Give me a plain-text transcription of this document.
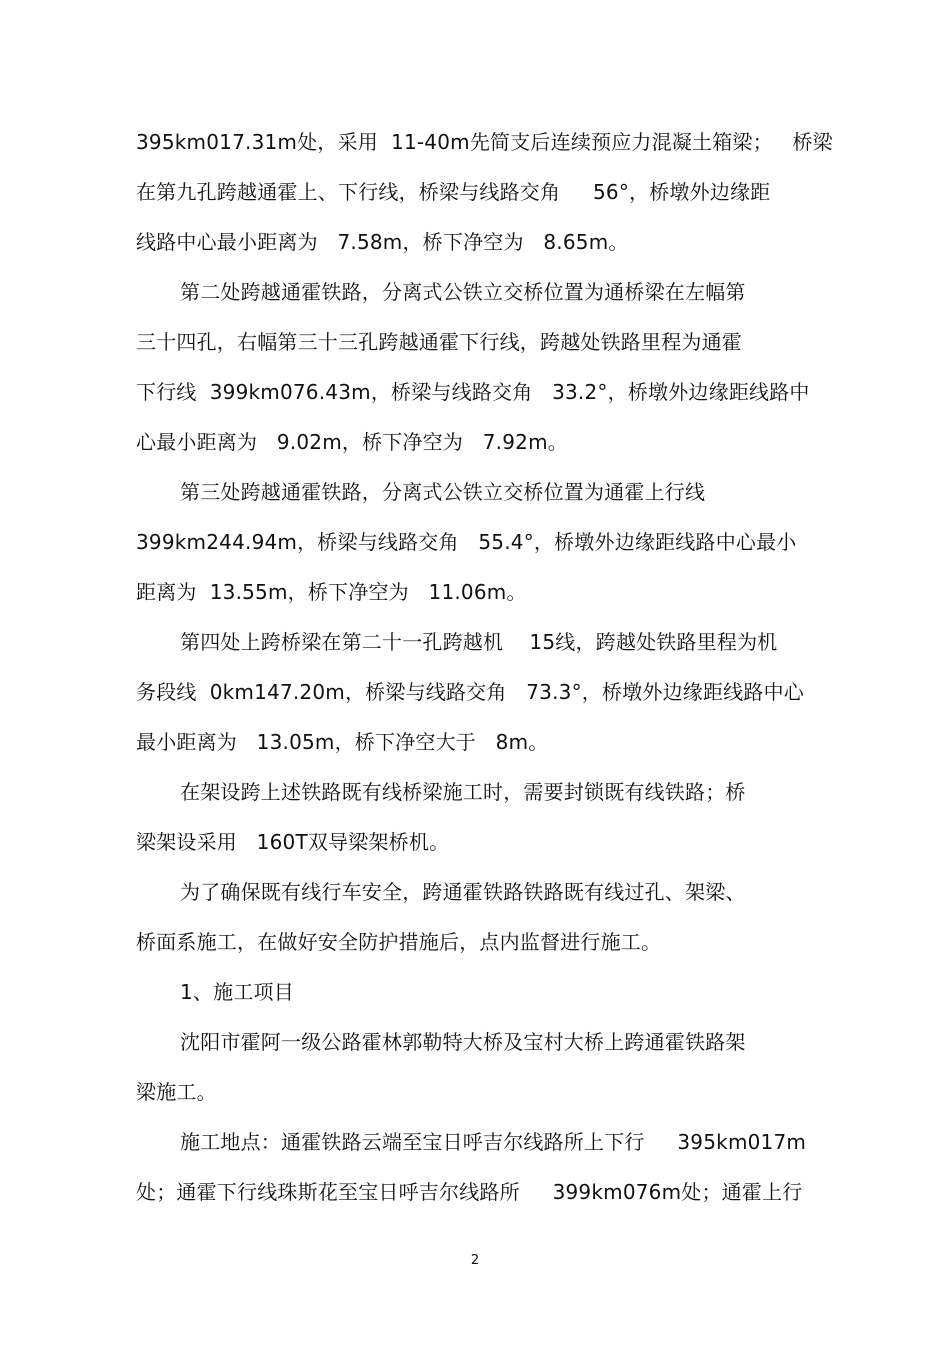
395km017.31m处，采用  11-40m先简支后连续预应力混凝土箱梁；   桥梁
在第九孔跨越通霍上、下行线，桥梁与线路交角     56°，桥墩外边缘距
线路中心最小距离为   7.58m，桥下净空为   8.65m。
第二处跨越通霍铁路，分离式公铁立交桥位置为通桥梁在左幅第
三十四孔，右幅第三十三孔跨越通霍下行线，跨越处铁路里程为通霍
下行线  399km076.43m，桥梁与线路交角   33.2°，桥墩外边缘距线路中
心最小距离为   9.02m，桥下净空为   7.92m。
第三处跨越通霍铁路，分离式公铁立交桥位置为通霍上行线
399km244.94m，桥梁与线路交角   55.4°，桥墩外边缘距线路中心最小
距离为  13.55m，桥下净空为   11.06m。
第四处上跨桥梁在第二十一孔跨越机    15线，跨越处铁路里程为机
务段线  0km147.20m，桥梁与线路交角   73.3°，桥墩外边缘距线路中心
最小距离为   13.05m，桥下净空大于   8m。
在架设跨上述铁路既有线桥梁施工时，需要封锁既有线铁路；桥
梁架设采用   160T双导梁架桥机。
为了确保既有线行车安全，跨通霍铁路铁路既有线过孔、架梁、
桥面系施工，在做好安全防护措施后，点内监督进行施工。
1、施工项目
沈阳市霍阿一级公路霍林郭勒特大桥及宝村大桥上跨通霍铁路架
梁施工。
施工地点：通霍铁路云端至宝日呼吉尔线路所上下行     395km017m
处；通霍下行线珠斯花至宝日呼吉尔线路所     399km076m处；通霍上行
2
